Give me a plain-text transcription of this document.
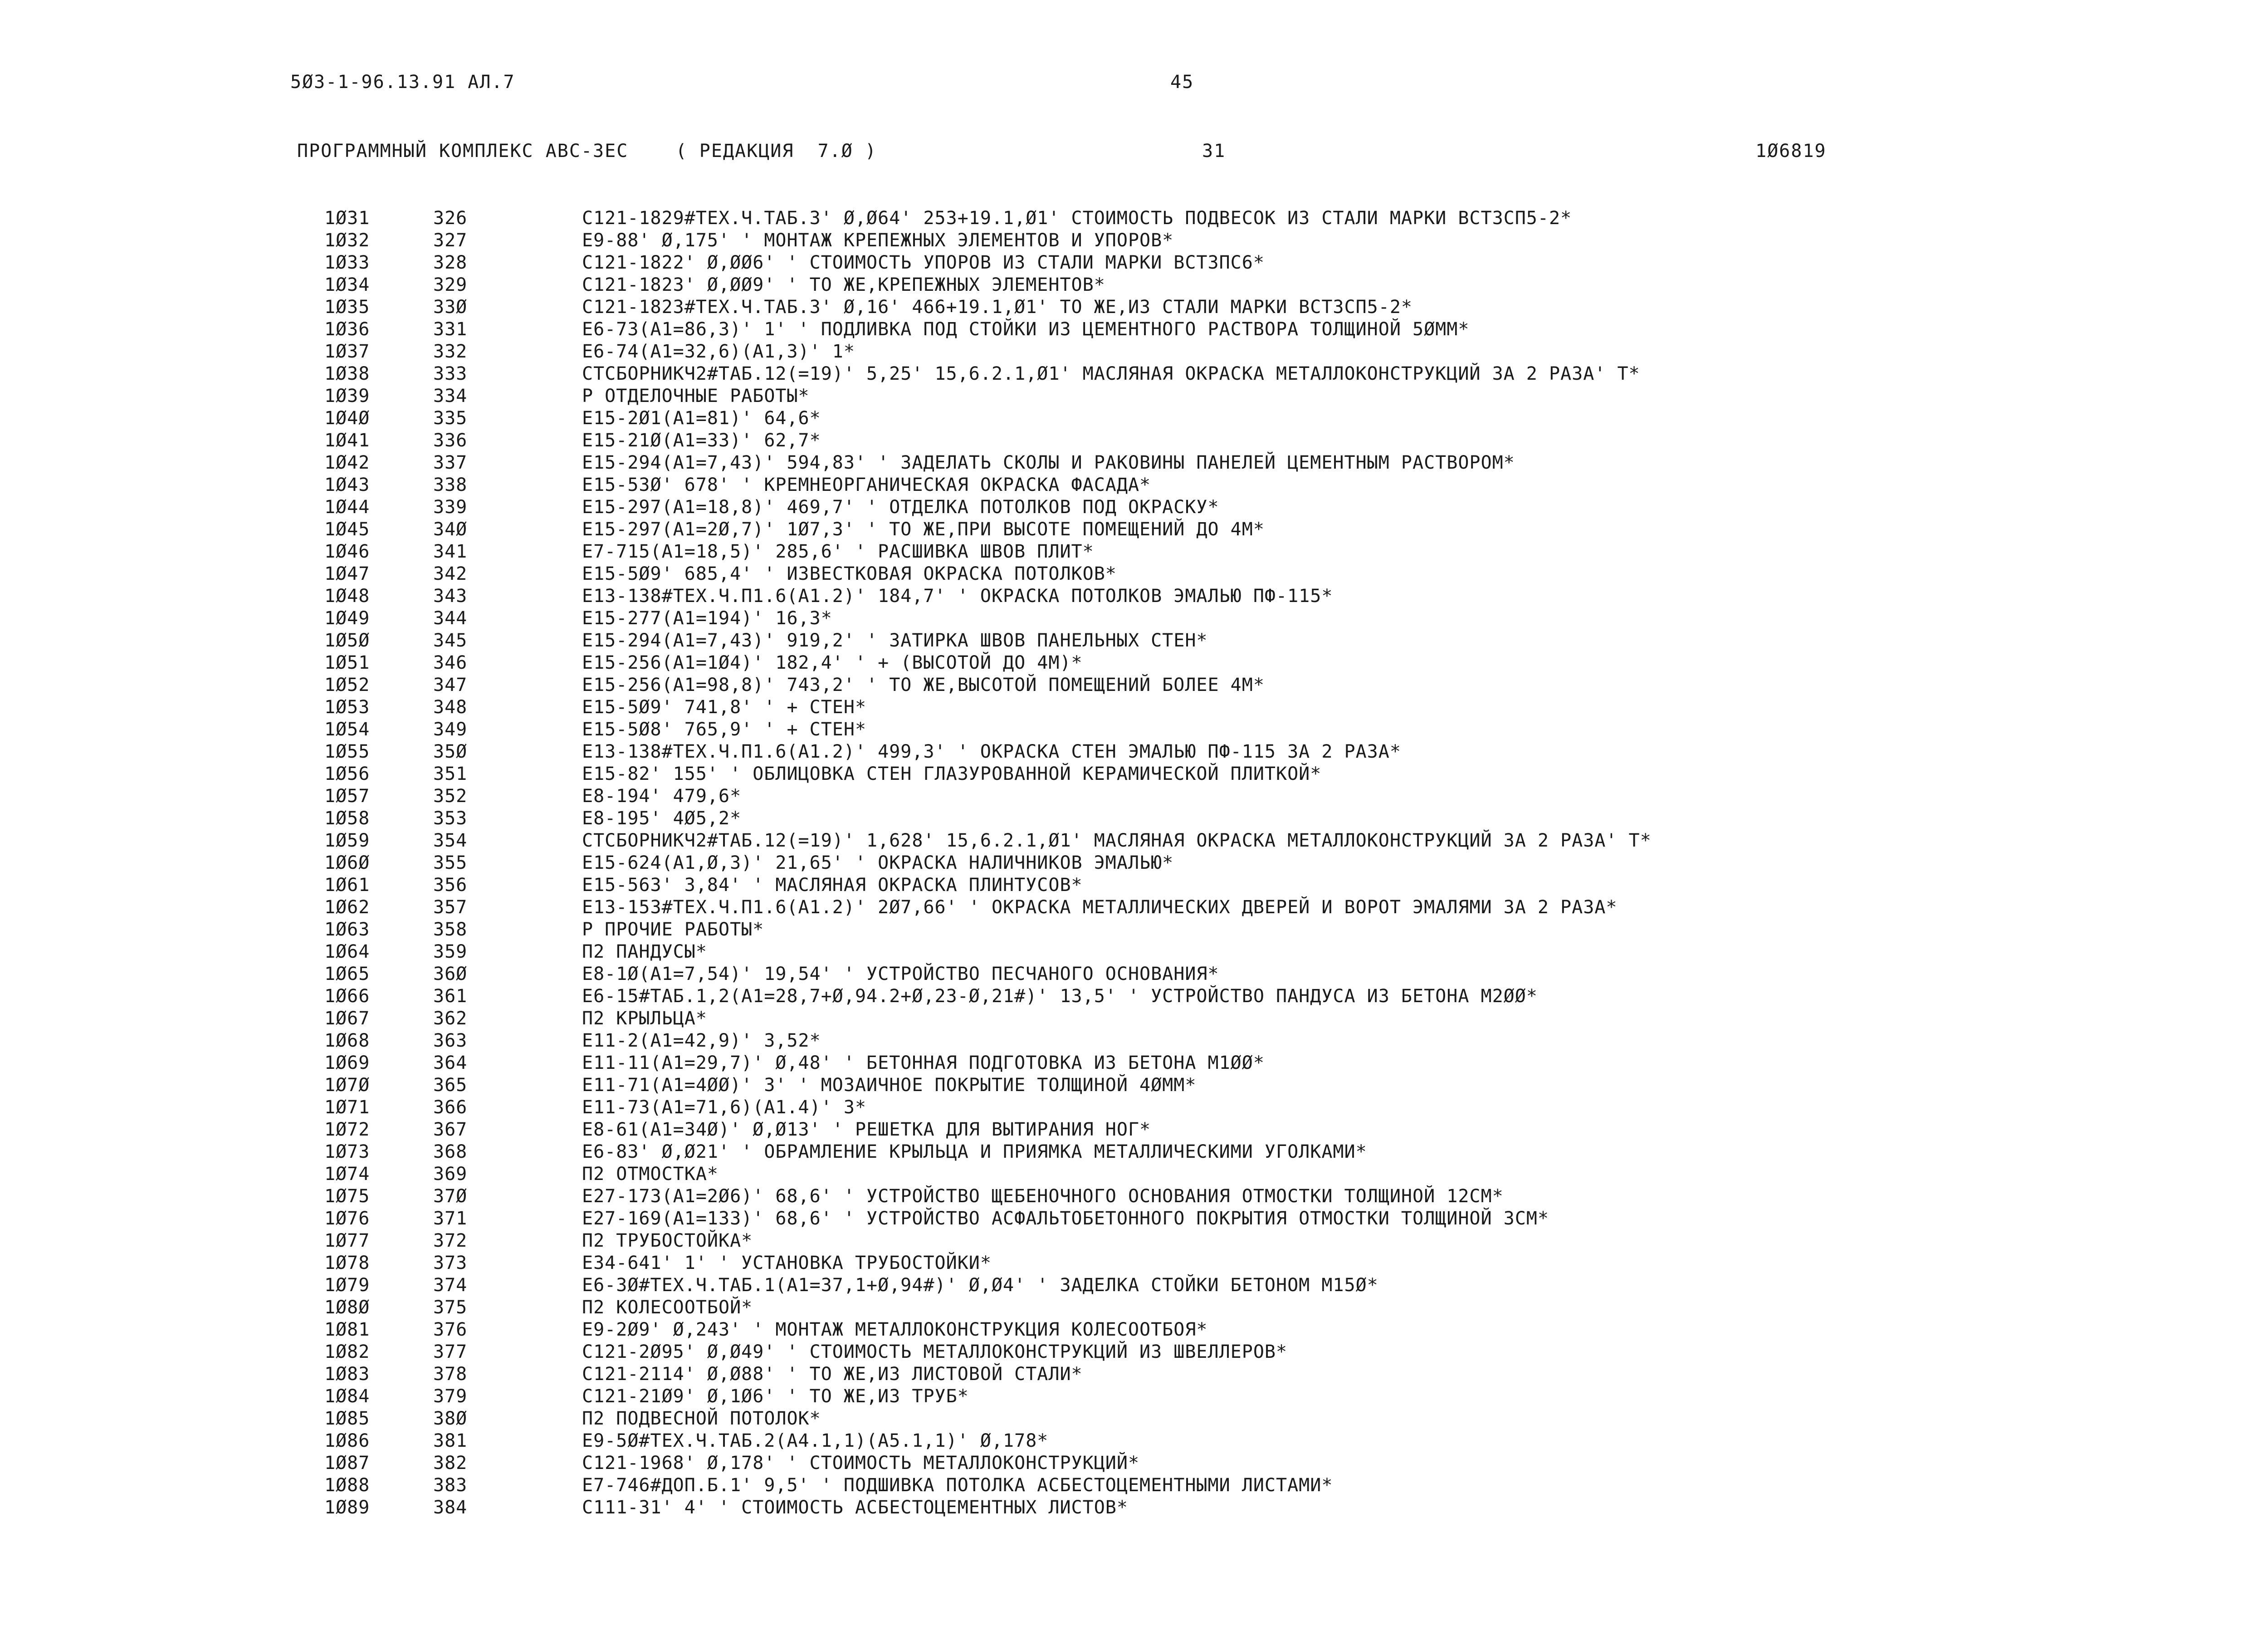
5Ø3-1-96.13.91 АЛ.7	45
ПРОГРАММНЫЙ КОМПЛЕКС АВС-3ЕС    ( РЕДАКЦИЯ  7.Ø )	31	1Ø6819
1Ø31	326	С121-1829#ТЕХ.Ч.ТАБ.3' Ø,Ø64' 253+19.1,Ø1' СТОИМОСТЬ ПОДВЕСОК ИЗ СТАЛИ МАРКИ ВСТ3СП5-2*
1Ø32	327	Е9-88' Ø,175' ' МОНТАЖ КРЕПЕЖНЫХ ЭЛЕМЕНТОВ И УПОРОВ*
1Ø33	328	С121-1822' Ø,ØØ6' ' СТОИМОСТЬ УПОРОВ ИЗ СТАЛИ МАРКИ ВСТ3ПС6*
1Ø34	329	С121-1823' Ø,ØØ9' ' ТО ЖЕ,КРЕПЕЖНЫХ ЭЛЕМЕНТОВ*
1Ø35	33Ø	С121-1823#ТЕХ.Ч.ТАБ.3' Ø,16' 466+19.1,Ø1' ТО ЖЕ,ИЗ СТАЛИ МАРКИ ВСТ3СП5-2*
1Ø36	331	Е6-73(А1=86,3)' 1' ' ПОДЛИВКА ПОД СТОЙКИ ИЗ ЦЕМЕНТНОГО РАСТВОРА ТОЛЩИНОЙ 5ØММ*
1Ø37	332	Е6-74(А1=32,6)(А1,3)' 1*
1Ø38	333	СТСБОРНИКЧ2#ТАБ.12(=19)' 5,25' 15,6.2.1,Ø1' МАСЛЯНАЯ ОКРАСКА МЕТАЛЛОКОНСТРУКЦИЙ ЗА 2 РАЗА' Т*
1Ø39	334	Р ОТДЕЛОЧНЫЕ РАБОТЫ*
1Ø4Ø	335	Е15-2Ø1(А1=81)' 64,6*
1Ø41	336	Е15-21Ø(А1=33)' 62,7*
1Ø42	337	Е15-294(А1=7,43)' 594,83' ' ЗАДЕЛАТЬ СКОЛЫ И РАКОВИНЫ ПАНЕЛЕЙ ЦЕМЕНТНЫМ РАСТВОРОМ*
1Ø43	338	Е15-53Ø' 678' ' КРЕМНЕОРГАНИЧЕСКАЯ ОКРАСКА ФАСАДА*
1Ø44	339	Е15-297(А1=18,8)' 469,7' ' ОТДЕЛКА ПОТОЛКОВ ПОД ОКРАСКУ*
1Ø45	34Ø	Е15-297(А1=2Ø,7)' 1Ø7,3' ' ТО ЖЕ,ПРИ ВЫСОТЕ ПОМЕЩЕНИЙ ДО 4М*
1Ø46	341	Е7-715(А1=18,5)' 285,6' ' РАСШИВКА ШВОВ ПЛИТ*
1Ø47	342	Е15-5Ø9' 685,4' ' ИЗВЕСТКОВАЯ ОКРАСКА ПОТОЛКОВ*
1Ø48	343	Е13-138#ТЕХ.Ч.П1.6(А1.2)' 184,7' ' ОКРАСКА ПОТОЛКОВ ЭМАЛЬЮ ПФ-115*
1Ø49	344	Е15-277(А1=194)' 16,3*
1Ø5Ø	345	Е15-294(А1=7,43)' 919,2' ' ЗАТИРКА ШВОВ ПАНЕЛЬНЫХ СТЕН*
1Ø51	346	Е15-256(А1=1Ø4)' 182,4' ' + (ВЫСОТОЙ ДО 4М)*
1Ø52	347	Е15-256(А1=98,8)' 743,2' ' ТО ЖЕ,ВЫСОТОЙ ПОМЕЩЕНИЙ БОЛЕЕ 4М*
1Ø53	348	Е15-5Ø9' 741,8' ' + СТЕН*
1Ø54	349	Е15-5Ø8' 765,9' ' + СТЕН*
1Ø55	35Ø	Е13-138#ТЕХ.Ч.П1.6(А1.2)' 499,3' ' ОКРАСКА СТЕН ЭМАЛЬЮ ПФ-115 ЗА 2 РАЗА*
1Ø56	351	Е15-82' 155' ' ОБЛИЦОВКА СТЕН ГЛАЗУРОВАННОЙ КЕРАМИЧЕСКОЙ ПЛИТКОЙ*
1Ø57	352	Е8-194' 479,6*
1Ø58	353	Е8-195' 4Ø5,2*
1Ø59	354	СТСБОРНИКЧ2#ТАБ.12(=19)' 1,628' 15,6.2.1,Ø1' МАСЛЯНАЯ ОКРАСКА МЕТАЛЛОКОНСТРУКЦИЙ ЗА 2 РАЗА' Т*
1Ø6Ø	355	Е15-624(А1,Ø,3)' 21,65' ' ОКРАСКА НАЛИЧНИКОВ ЭМАЛЬЮ*
1Ø61	356	Е15-563' 3,84' ' МАСЛЯНАЯ ОКРАСКА ПЛИНТУСОВ*
1Ø62	357	Е13-153#ТЕХ.Ч.П1.6(А1.2)' 2Ø7,66' ' ОКРАСКА МЕТАЛЛИЧЕСКИХ ДВЕРЕЙ И ВОРОТ ЭМАЛЯМИ ЗА 2 РАЗА*
1Ø63	358	Р ПРОЧИЕ РАБОТЫ*
1Ø64	359	П2 ПАНДУСЫ*
1Ø65	36Ø	Е8-1Ø(А1=7,54)' 19,54' ' УСТРОЙСТВО ПЕСЧАНОГО ОСНОВАНИЯ*
1Ø66	361	Е6-15#ТАБ.1,2(А1=28,7+Ø,94.2+Ø,23-Ø,21#)' 13,5' ' УСТРОЙСТВО ПАНДУСА ИЗ БЕТОНА М2ØØ*
1Ø67	362	П2 КРЫЛЬЦА*
1Ø68	363	Е11-2(А1=42,9)' 3,52*
1Ø69	364	Е11-11(А1=29,7)' Ø,48' ' БЕТОННАЯ ПОДГОТОВКА ИЗ БЕТОНА М1ØØ*
1Ø7Ø	365	Е11-71(А1=4ØØ)' 3' ' МОЗАИЧНОЕ ПОКРЫТИЕ ТОЛЩИНОЙ 4ØММ*
1Ø71	366	Е11-73(А1=71,6)(А1.4)' 3*
1Ø72	367	Е8-61(А1=34Ø)' Ø,Ø13' ' РЕШЕТКА ДЛЯ ВЫТИРАНИЯ НОГ*
1Ø73	368	Е6-83' Ø,Ø21' ' ОБРАМЛЕНИЕ КРЫЛЬЦА И ПРИЯМКА МЕТАЛЛИЧЕСКИМИ УГОЛКАМИ*
1Ø74	369	П2 ОТМОСТКА*
1Ø75	37Ø	Е27-173(А1=2Ø6)' 68,6' ' УСТРОЙСТВО ЩЕБЕНОЧНОГО ОСНОВАНИЯ ОТМОСТКИ ТОЛЩИНОЙ 12СМ*
1Ø76	371	Е27-169(А1=133)' 68,6' ' УСТРОЙСТВО АСФАЛЬТОБЕТОННОГО ПОКРЫТИЯ ОТМОСТКИ ТОЛЩИНОЙ 3СМ*
1Ø77	372	П2 ТРУБОСТОЙКА*
1Ø78	373	Е34-641' 1' ' УСТАНОВКА ТРУБОСТОЙКИ*
1Ø79	374	Е6-3Ø#ТЕХ.Ч.ТАБ.1(А1=37,1+Ø,94#)' Ø,Ø4' ' ЗАДЕЛКА СТОЙКИ БЕТОНОМ М15Ø*
1Ø8Ø	375	П2 КОЛЕСООТБОЙ*
1Ø81	376	Е9-2Ø9' Ø,243' ' МОНТАЖ МЕТАЛЛОКОНСТРУКЦИЯ КОЛЕСООТБОЯ*
1Ø82	377	С121-2Ø95' Ø,Ø49' ' СТОИМОСТЬ МЕТАЛЛОКОНСТРУКЦИЙ ИЗ ШВЕЛЛЕРОВ*
1Ø83	378	С121-2114' Ø,Ø88' ' ТО ЖЕ,ИЗ ЛИСТОВОЙ СТАЛИ*
1Ø84	379	С121-21Ø9' Ø,1Ø6' ' ТО ЖЕ,ИЗ ТРУБ*
1Ø85	38Ø	П2 ПОДВЕСНОЙ ПОТОЛОК*
1Ø86	381	Е9-5Ø#ТЕХ.Ч.ТАБ.2(А4.1,1)(А5.1,1)' Ø,178*
1Ø87	382	С121-1968' Ø,178' ' СТОИМОСТЬ МЕТАЛЛОКОНСТРУКЦИЙ*
1Ø88	383	Е7-746#ДОП.Б.1' 9,5' ' ПОДШИВКА ПОТОЛКА АСБЕСТОЦЕМЕНТНЫМИ ЛИСТАМИ*
1Ø89	384	С111-31' 4' ' СТОИМОСТЬ АСБЕСТОЦЕМЕНТНЫХ ЛИСТОВ*
